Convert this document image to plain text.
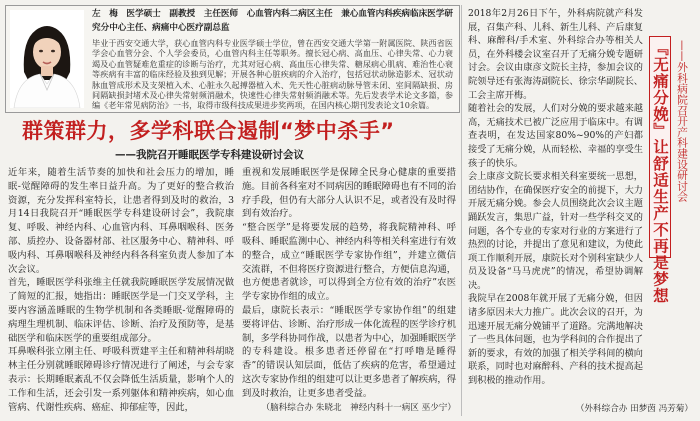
左　梅　医学硕士　副教授　主任医师　心血管内科二病区主任　兼心血管内科疾病临床医学研究分中心主任、病痛中心医疗副总监

毕业于西安交通大学，获心血管内科专业医学硕士学位，曾在西安交通大学第一附属医院、陕西省医学会心血管分会、个人学会委员，心血管内科主任等职务。擅长冠心病、高血压、心律失常、心力衰竭及心血管疑难危重症的诊断与治疗，尤其对冠心病、高血压心律失常、糖尿病心肌病、难治性心衰等疾病有丰富的临床经验及独到见解；开展各种心脏疾病的介入治疗，包括冠状动脉造影术、冠状动脉血管成形术及支架植入术、心脏永久起搏器植入术、先天性心脏病动脉导管未闭、室间隔缺损、房间隔缺损封堵术及心律失常射频消融术，快速性心律失常射频消融术等。先后发表学术论文多篇，参编《老年常见病防治》一书，取得市级科技成果进步奖两项，在国内核心期刊发表论文10余篇。

群策群力，多学科联合遏制“梦中杀手”
——我院召开睡眠医学专科建设研讨会议

近年来，随着生活节奏的加快和社会压力的增加，睡眠-觉醒障碍的发生率日益升高。为了更好的整合救治资源，充分发挥科室特长，让患者得到及时的救治，3月14日我院召开“睡眠医学专科建设研讨会”，我院康复、呼吸、神经内科、心血管内科、耳鼻咽喉科、医务部、质控办、设备器材部、社区服务中心、精神科、呼吸内科、耳鼻咽喉科及神经内科各科室负责人参加了本次会议。

首先，睡眠医学科张维主任就我院睡眠医学发展情况做了简短的汇报，她指出：睡眠医学是一门交叉学科，主要内容涵盖睡眠的生物学机制和各类睡眠-觉醒障碍的病理生理机制、临床评估、诊断、治疗及预防等，是基础医学和临床医学的重要组成部分。

耳鼻喉科张立刚主任、呼吸科贾建平主任和精神科胡晓林主任分别就睡眠障碍诊疗情况进行了阐述，与会专家表示：长期睡眠紊乱不仅会降低生活质量，影响个人的工作和生活，还会引发一系列躯体和精神疾病，如心血管病、代谢性疾病、癌症、抑郁症等，因此，

重视和发展睡眠医学是保障全民身心健康的重要措施。目前各科室对不同病因的睡眠障碍也有不同的治疗手段，但仍有大部分人认识不足，或者没有及时得到有效治疗。

“整合医学”是将要发展的趋势，将我院精神科、呼吸科、睡眠监测中心、神经内科等相关科室进行有效的整合，成立“睡眠医学专家协作组”，并建立微信交流群，不但将医疗资源进行整合，方便信息沟通，也方便患者就诊，可以得到全方位有效的治疗”农医学专家协作组的成立。

最后，康院长表示：“睡眠医学专家协作组”的组建要将评估、诊断、治疗形成一体化流程的医学诊疗机制，多学科协同作战，以患者为中心，加强睡眠医学的专科建设。根多患者还停留在“打呼噜是睡得香”的错误认知层面，低估了疾病的危害，希望通过这次专家协作组的组建可以让更多患者了解疾病，得到及时救治，让更多患者受益。

（脑科综合办 朱晓北　神经内科十一病区 巫少宁）

2018年2月26日下午，外科病院就产科发展，召集产科、儿科、新生儿科、产后康复科、麻醉科/手术室、外科综合办等相关人员，在外科楼会议室召开了无痛分娩专题研讨会。会议由康彦文院长主持，参加会议的院领导还有张海涛副院长、徐宗华副院长、工会主席开梅。

随着社会的发展，人们对分娩的要求越来越高，无痛技术已被广泛应用于临床中。有调查表明，在发达国家80%~90%的产妇都接受了无痛分娩，从而轻松、幸福的享受生孩子的快乐。

会上康彦文院长要求相关科室要统一思想，团结协作，在确保医疗安全的前提下，大力开展无痛分娩。参会人员围绕此次会议主题踊跃发言，集思广益，针对一些学科交叉的问题，各个专业的专家对行业的方案进行了热烈的讨论，并提出了意见和建议，为使此项工作顺利开展，康院长对个别科室缺少人员及设备“马马虎虎”的情况，希望协调解决。

我院早在2008年就开展了无痛分娩，但因诸多原因未大力推广。此次会议的召开，为迅速开展无痛分娩铺平了道路。完满地解决了一些具体问题，也为学科间的合作提出了新的要求，有效的加强了相关学科间的横向联系，同时也对麻醉科、产科的技术提高起到积极的推动作用。

『无痛分娩』让舒适生产不再是梦想 ——外科病院召开产科建设研讨会

（外科综合办 田梦茵 冯芳菊）
